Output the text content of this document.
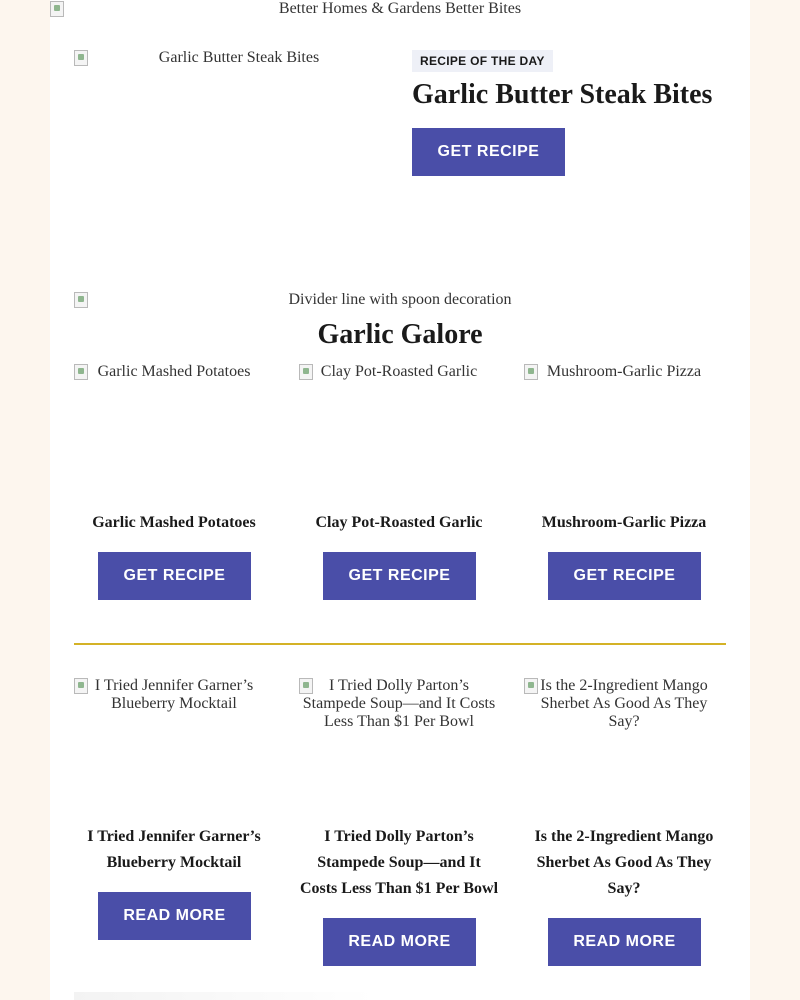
Better Homes & Gardens Better Bites
Garlic Butter Steak Bites	RECIPE OF THE DAY
Garlic Butter Steak Bites
GET RECIPE
Divider line with spoon decoration
Garlic Galore
Garlic Mashed Potatoes
Garlic Mashed Potatoes
GET RECIPE
Clay Pot-Roasted Garlic
Clay Pot-Roasted Garlic
GET RECIPE
Mushroom-Garlic Pizza
Mushroom-Garlic Pizza
GET RECIPE
I Tried Jennifer Garner’s Blueberry Mocktail
I Tried Jennifer Garner’s Blueberry Mocktail
READ MORE
I Tried Dolly Parton’s Stampede Soup—and It Costs Less Than $1 Per Bowl
I Tried Dolly Parton’s Stampede Soup—and It Costs Less Than $1 Per Bowl
READ MORE
Is the 2-Ingredient Mango Sherbet As Good As They Say?
Is the 2-Ingredient Mango Sherbet As Good As They Say?
READ MORE
